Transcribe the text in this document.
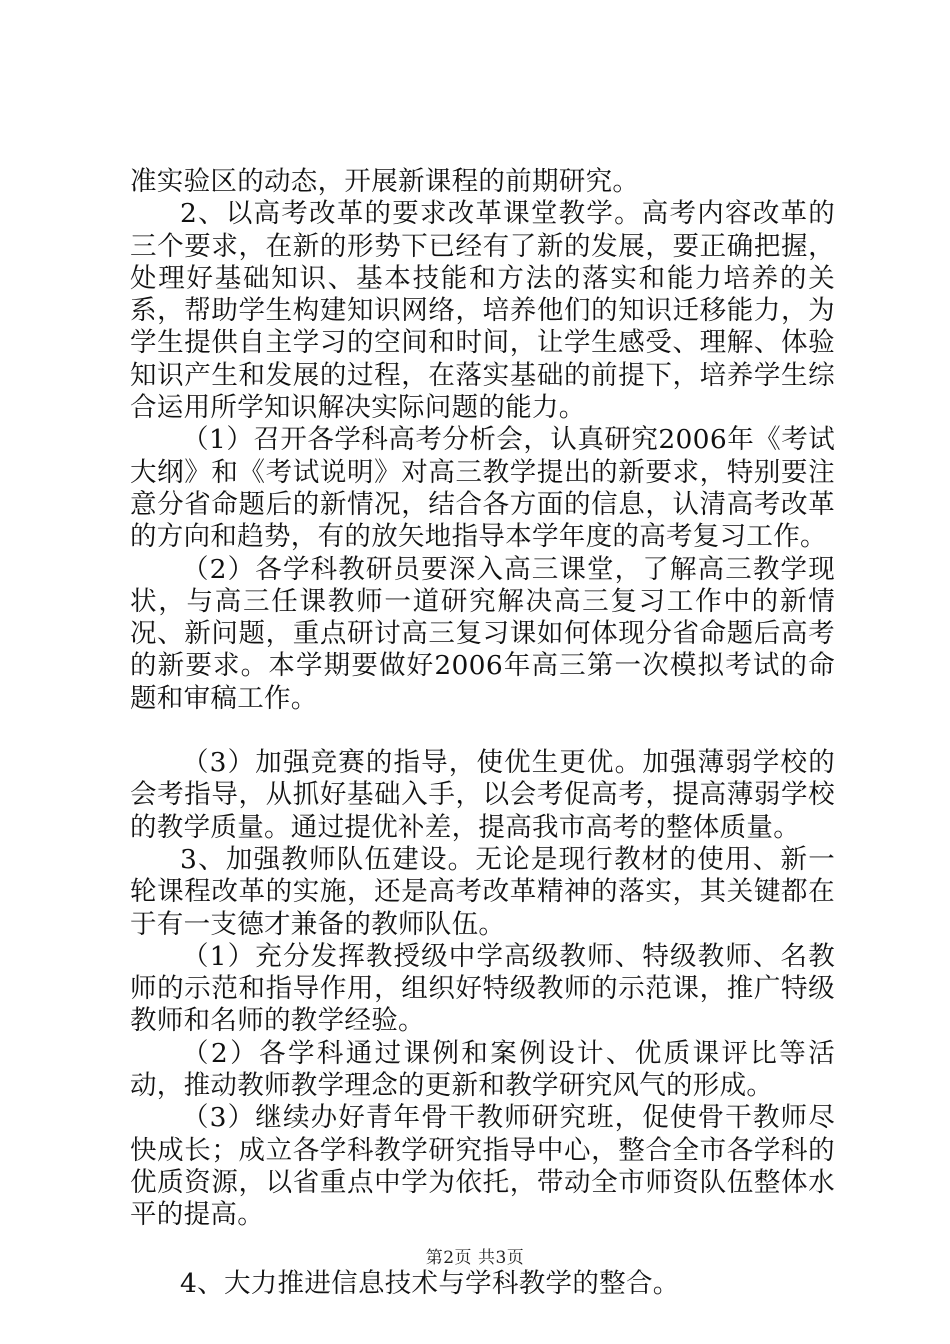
准实验区的动态，开展新课程的前期研究。

2、以高考改革的要求改革课堂教学。高考内容改革的三个要求，在新的形势下已经有了新的发展，要正确把握，处理好基础知识、基本技能和方法的落实和能力培养的关系，帮助学生构建知识网络，培养他们的知识迁移能力，为学生提供自主学习的空间和时间，让学生感受、理解、体验知识产生和发展的过程，在落实基础的前提下，培养学生综合运用所学知识解决实际问题的能力。

（1）召开各学科高考分析会，认真研究2006年《考试大纲》和《考试说明》对高三教学提出的新要求，特别要注意分省命题后的新情况，结合各方面的信息，认清高考改革的方向和趋势，有的放矢地指导本学年度的高考复习工作。

（2）各学科教研员要深入高三课堂，了解高三教学现状，与高三任课教师一道研究解决高三复习工作中的新情况、新问题，重点研讨高三复习课如何体现分省命题后高考的新要求。本学期要做好2006年高三第一次模拟考试的命题和审稿工作。

（3）加强竞赛的指导，使优生更优。加强薄弱学校的会考指导，从抓好基础入手，以会考促高考，提高薄弱学校的教学质量。通过提优补差，提高我市高考的整体质量。

3、加强教师队伍建设。无论是现行教材的使用、新一轮课程改革的实施，还是高考改革精神的落实，其关键都在于有一支德才兼备的教师队伍。

（1）充分发挥教授级中学高级教师、特级教师、名教师的示范和指导作用，组织好特级教师的示范课，推广特级教师和名师的教学经验。

（2）各学科通过课例和案例设计、优质课评比等活动，推动教师教学理念的更新和教学研究风气的形成。

（3）继续办好青年骨干教师研究班，促使骨干教师尽快成长；成立各学科教学研究指导中心，整合全市各学科的优质资源，以省重点中学为依托，带动全市师资队伍整体水平的提高。

4、大力推进信息技术与学科教学的整合。

第2页 共3页
